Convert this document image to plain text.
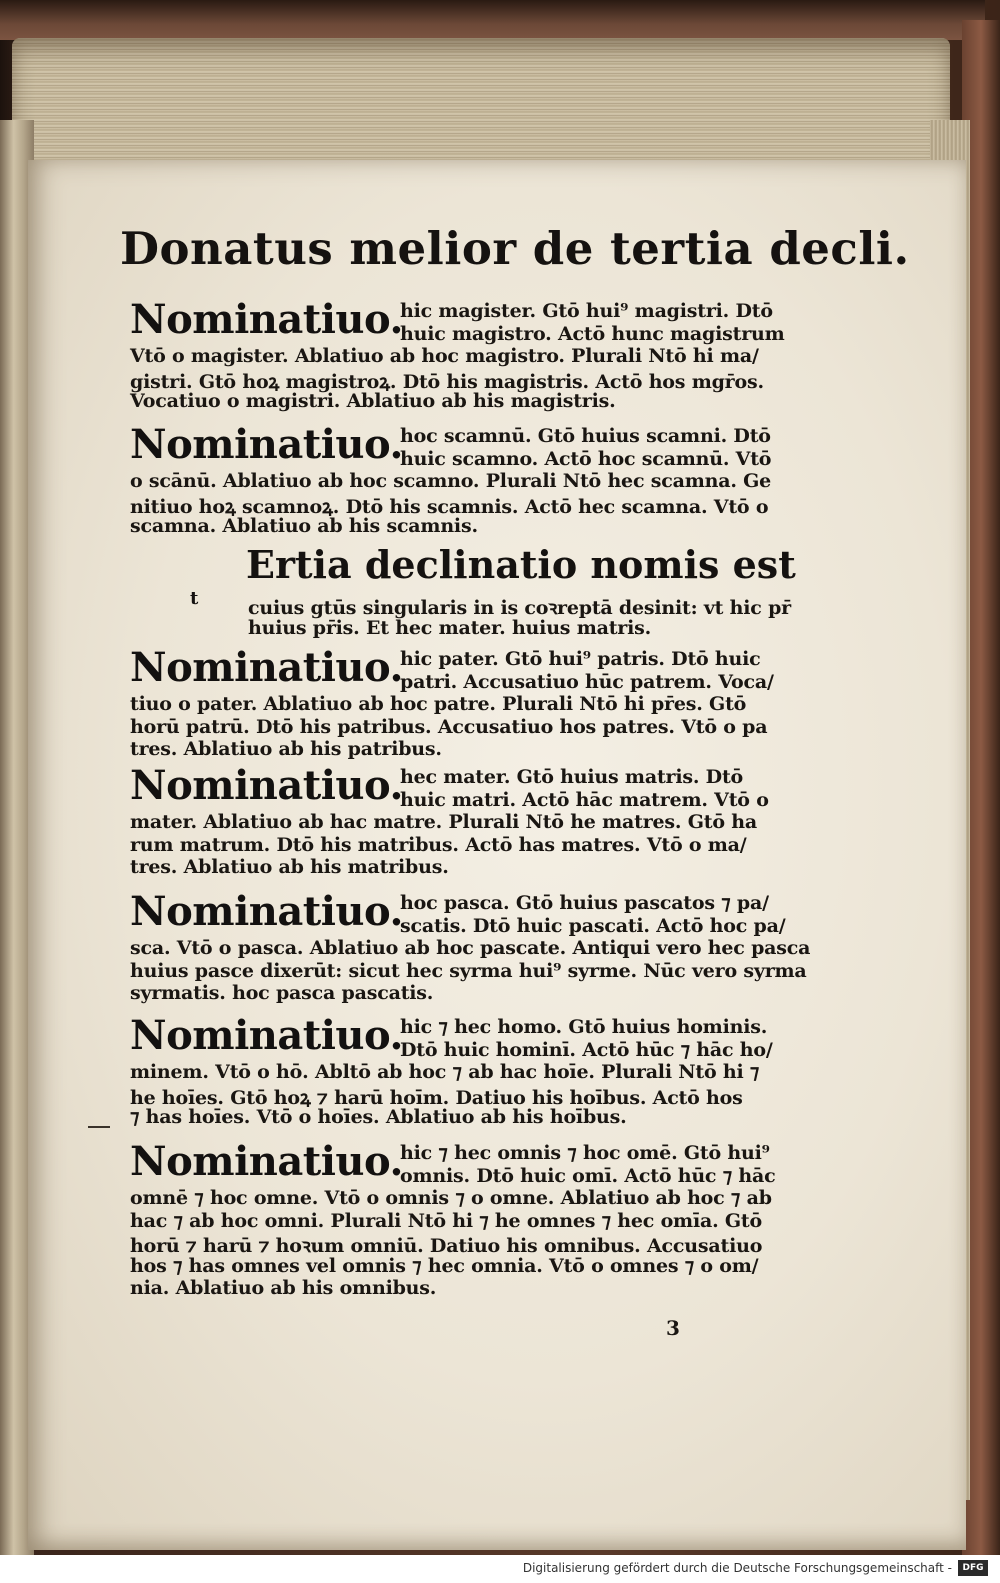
Donatus melior de tertia decli.
Ertia declinatio nomis est
t
3
Nominatiuo.
hic magister. Gtō hui⁹ magistri. Dtō
huic magistro. Actō hunc magistrum
Vtō o magister. Ablatiuo ab hoc magistro. Plurali Ntō hi ma/
gistri. Gtō hoꝝ magistroꝝ. Dtō his magistris. Actō hos mgr̄os.
Vocatiuo o magistri. Ablatiuo ab his magistris.
Nominatiuo.
hoc scamnū. Gtō huius scamni. Dtō
huic scamno. Actō hoc scamnū. Vtō
o scānū. Ablatiuo ab hoc scamno. Plurali Ntō hec scamna. Ge
nitiuo hoꝝ scamnoꝝ. Dtō his scamnis. Actō hec scamna. Vtō o
scamna. Ablatiuo ab his scamnis.
cuius gtūs singularis in is coꝛreptā desinit: vt hic pr̄
huius pr̄is. Et hec mater. huius matris.
Nominatiuo.
hic pater. Gtō hui⁹ patris. Dtō huic
patri. Accusatiuo hūc patrem. Voca/
tiuo o pater. Ablatiuo ab hoc patre. Plurali Ntō hi pr̄es. Gtō
horū patrū. Dtō his patribus. Accusatiuo hos patres. Vtō o pa
tres. Ablatiuo ab his patribus.
Nominatiuo.
hec mater. Gtō huius matris. Dtō
huic matri. Actō hāc matrem. Vtō o
mater. Ablatiuo ab hac matre. Plurali Ntō he matres. Gtō ha
rum matrum. Dtō his matribus. Actō has matres. Vtō o ma/
tres. Ablatiuo ab his matribus.
Nominatiuo.
hoc pasca. Gtō huius pascatos ⁊ pa/
scatis. Dtō huic pascati. Actō hoc pa/
sca. Vtō o pasca. Ablatiuo ab hoc pascate. Antiqui vero hec pasca
huius pasce dixerūt: sicut hec syrma hui⁹ syrme. Nūc vero syrma
syrmatis. hoc pasca pascatis.
Nominatiuo.
hic ⁊ hec homo. Gtō huius hominis.
Dtō huic hominī. Actō hūc ⁊ hāc ho/
minem. Vtō o hō. Abltō ab hoc ⁊ ab hac hoīe. Plurali Ntō hi ⁊
he hoīes. Gtō hoꝝ ⁊ harū hoīm. Datiuo his hoībus. Actō hos
⁊ has hoīes. Vtō o hoīes. Ablatiuo ab his hoībus.
Nominatiuo.
hic ⁊ hec omnis ⁊ hoc omē. Gtō hui⁹
omnis. Dtō huic omī. Actō hūc ⁊ hāc
omnē ⁊ hoc omne. Vtō o omnis ⁊ o omne. Ablatiuo ab hoc ⁊ ab
hac ⁊ ab hoc omni. Plurali Ntō hi ⁊ he omnes ⁊ hec omīa. Gtō
horū ⁊ harū ⁊ hoꝛum omniū. Datiuo his omnibus. Accusatiuo
hos ⁊ has omnes vel omnis ⁊ hec omnia. Vtō o omnes ⁊ o om/
nia. Ablatiuo ab his omnibus.
Digitalisierung gefördert durch die Deutsche Forschungsgemeinschaft -	DFG
